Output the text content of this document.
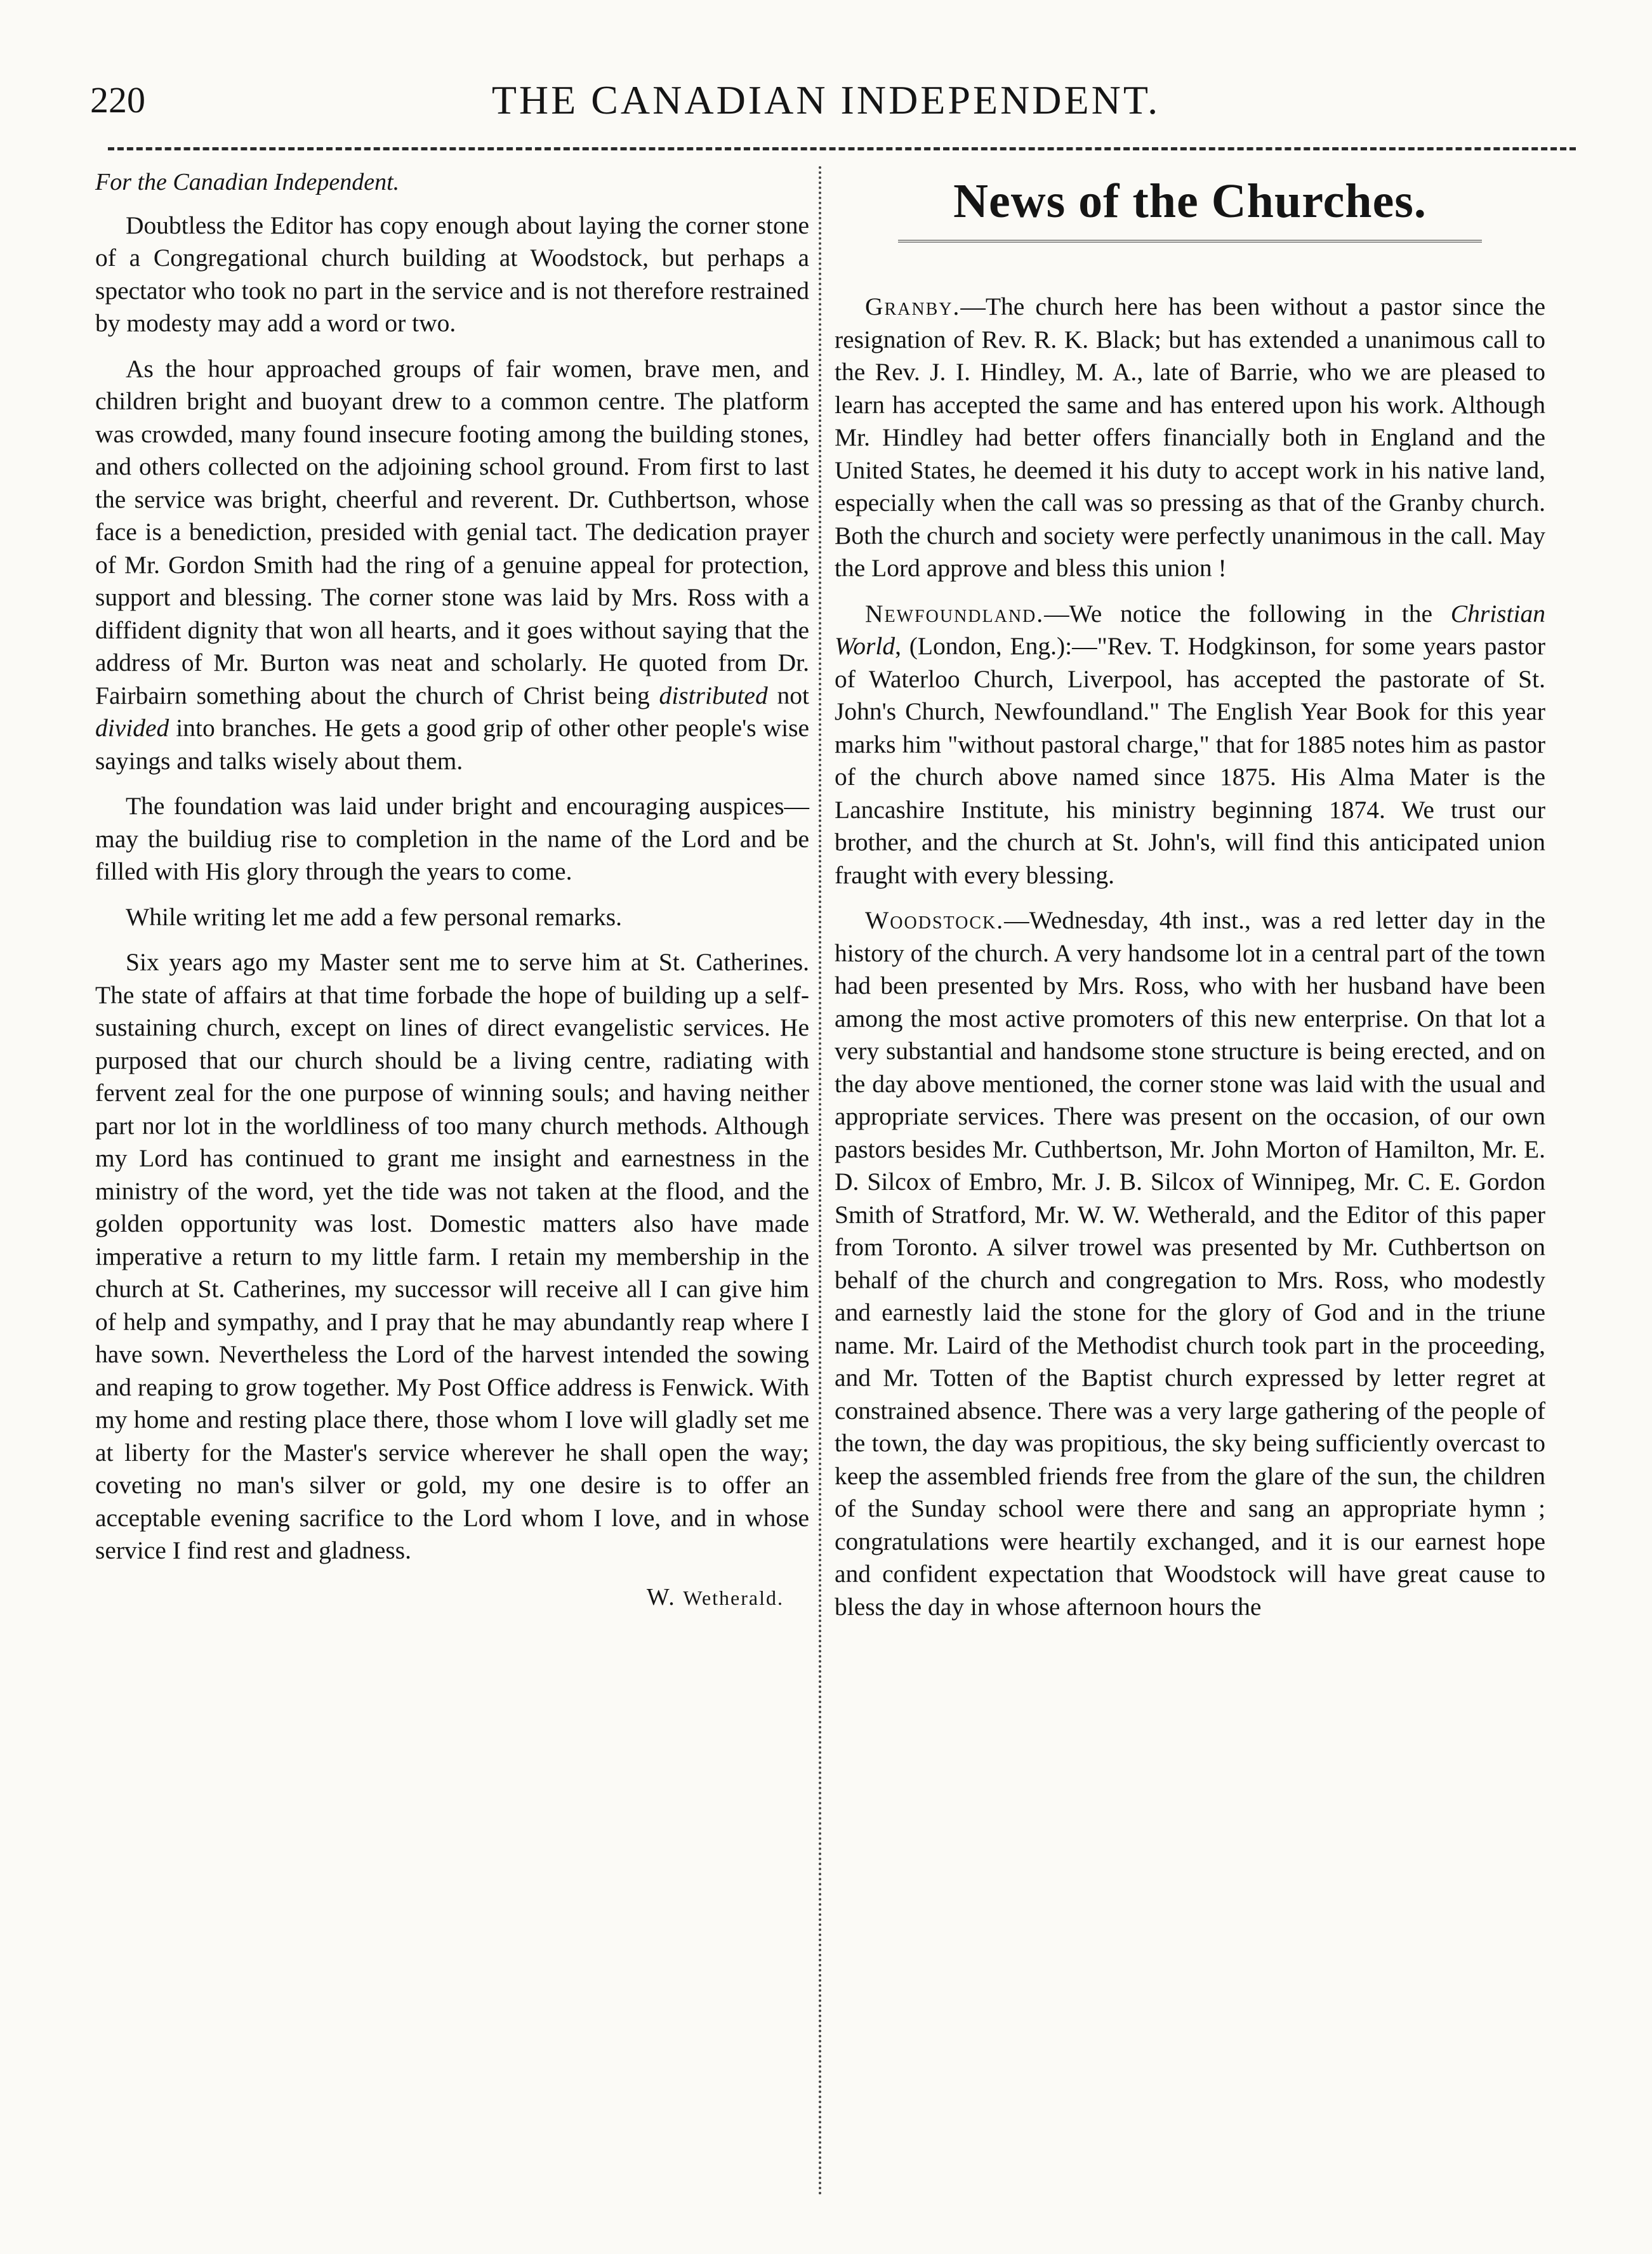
220	THE CANADIAN INDEPENDENT.

For the Canadian Independent.

Doubtless the Editor has copy enough about laying the corner stone of a Congregational church building at Woodstock, but perhaps a spectator who took no part in the service and is not therefore restrained by modesty may add a word or two.

As the hour approached groups of fair women, brave men, and children bright and buoyant drew to a common centre. The platform was crowded, many found insecure footing among the building stones, and others collected on the adjoining school ground. From first to last the service was bright, cheerful and reverent. Dr. Cuthbertson, whose face is a benediction, presided with genial tact. The dedication prayer of Mr. Gordon Smith had the ring of a genuine appeal for protection, support and blessing. The corner stone was laid by Mrs. Ross with a diffident dignity that won all hearts, and it goes without saying that the address of Mr. Burton was neat and scholarly. He quoted from Dr. Fairbairn something about the church of Christ being distributed not divided into branches. He gets a good grip of other other people's wise sayings and talks wisely about them.

The foundation was laid under bright and encouraging auspices—may the buildiug rise to completion in the name of the Lord and be filled with His glory through the years to come.

While writing let me add a few personal remarks.

Six years ago my Master sent me to serve him at St. Catherines. The state of affairs at that time forbade the hope of building up a self-sustaining church, except on lines of direct evangelistic services. He purposed that our church should be a living centre, radiating with fervent zeal for the one purpose of winning souls; and having neither part nor lot in the worldliness of too many church methods. Although my Lord has continued to grant me insight and earnestness in the ministry of the word, yet the tide was not taken at the flood, and the golden opportunity was lost. Domestic matters also have made imperative a return to my little farm. I retain my membership in the church at St. Catherines, my successor will receive all I can give him of help and sympathy, and I pray that he may abundantly reap where I have sown. Nevertheless the Lord of the harvest intended the sowing and reaping to grow together. My Post Office address is Fenwick. With my home and resting place there, those whom I love will gladly set me at liberty for the Master's service wherever he shall open the way; coveting no man's silver or gold, my one desire is to offer an acceptable evening sacrifice to the Lord whom I love, and in whose service I find rest and gladness.

W. Wetherald.

News of the Churches.

Granby.—The church here has been without a pastor since the resignation of Rev. R. K. Black; but has extended a unanimous call to the Rev. J. I. Hindley, M. A., late of Barrie, who we are pleased to learn has accepted the same and has entered upon his work. Although Mr. Hindley had better offers financially both in England and the United States, he deemed it his duty to accept work in his native land, especially when the call was so pressing as that of the Granby church. Both the church and society were perfectly unanimous in the call. May the Lord approve and bless this union !

Newfoundland.—We notice the following in the Christian World, (London, Eng.):—"Rev. T. Hodgkinson, for some years pastor of Waterloo Church, Liverpool, has accepted the pastorate of St. John's Church, Newfoundland." The English Year Book for this year marks him "without pastoral charge," that for 1885 notes him as pastor of the church above named since 1875. His Alma Mater is the Lancashire Institute, his ministry beginning 1874. We trust our brother, and the church at St. John's, will find this anticipated union fraught with every blessing.

Woodstock.—Wednesday, 4th inst., was a red letter day in the history of the church. A very handsome lot in a central part of the town had been presented by Mrs. Ross, who with her husband have been among the most active promoters of this new enterprise. On that lot a very substantial and handsome stone structure is being erected, and on the day above mentioned, the corner stone was laid with the usual and appropriate services. There was present on the occasion, of our own pastors besides Mr. Cuthbertson, Mr. John Morton of Hamilton, Mr. E. D. Silcox of Embro, Mr. J. B. Silcox of Winnipeg, Mr. C. E. Gordon Smith of Stratford, Mr. W. W. Wetherald, and the Editor of this paper from Toronto. A silver trowel was presented by Mr. Cuthbertson on behalf of the church and congregation to Mrs. Ross, who modestly and earnestly laid the stone for the glory of God and in the triune name. Mr. Laird of the Methodist church took part in the proceeding, and Mr. Totten of the Baptist church expressed by letter regret at constrained absence. There was a very large gathering of the people of the town, the day was propitious, the sky being sufficiently overcast to keep the assembled friends free from the glare of the sun, the children of the Sunday school were there and sang an appropriate hymn ; congratulations were heartily exchanged, and it is our earnest hope and confident expectation that Woodstock will have great cause to bless the day in whose afternoon hours the
